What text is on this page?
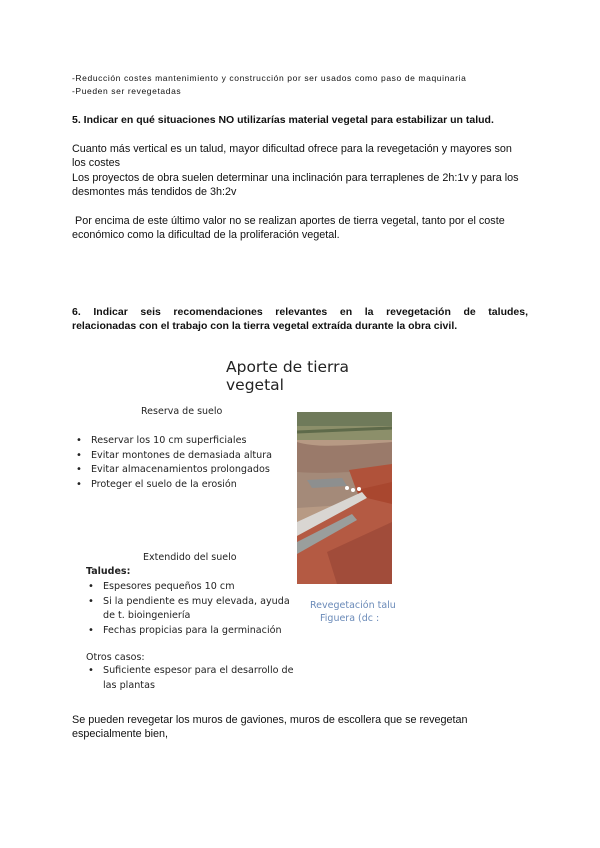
-Reducción costes mantenimiento y construcción por ser usados como paso de maquinaria
-Pueden ser revegetadas
5. Indicar en qué situaciones NO utilizarías material vegetal para estabilizar un talud.
Cuanto más vertical es un talud, mayor dificultad ofrece para la revegetación y mayores son
los costes
Los proyectos de obra suelen determinar una inclinación para terraplenes de 2h:1v y para los
desmontes más tendidos de 3h:2v
Por encima de este último valor no se realizan aportes de tierra vegetal, tanto por el coste
económico como la dificultad de la proliferación vegetal.
6. Indicar seis recomendaciones relevantes en la revegetación de taludes,
relacionadas con el trabajo con la tierra vegetal extraída durante la obra civil.
Aporte de tierra vegetal
Reserva de suelo
• Reservar los 10 cm superficiales
• Evitar montones de demasiada altura
• Evitar almacenamientos prolongados
• Proteger el suelo de la erosión
Extendido del suelo
Taludes:
• Espesores pequeños 10 cm
• Si la pendiente es muy elevada, ayuda
de t. bioingeniería
• Fechas propicias para la germinación
Otros casos:
• Suficiente espesor para el desarrollo de
las plantas
Revegetación talu
Figuera (dc :
Se pueden revegetar los muros de gaviones, muros de escollera que se revegetan
especialmente bien,
